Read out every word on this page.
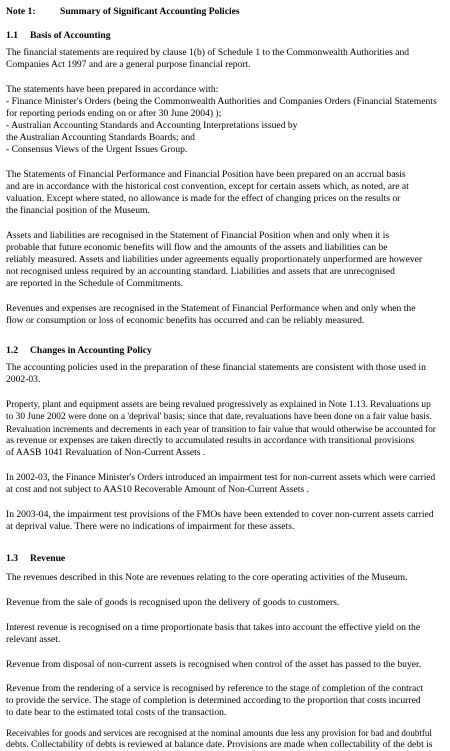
Note 1:	Summary of Significant Accounting Policies
1.1 Basis of Accounting
The financial statements are required by clause 1(b) of Schedule 1 to the Commonwealth Authorities and
Companies Act 1997 and are a general purpose financial report.
The statements have been prepared in accordance with:
- Finance Minister's Orders (being the Commonwealth Authorities and Companies Orders (Financial Statements
for reporting periods ending on or after 30 June 2004) );
- Australian Accounting Standards and Accounting Interpretations issued by
the Australian Accounting Standards Boards; and
- Consensus Views of the Urgent Issues Group.
The Statements of Financial Performance and Financial Position have been prepared on an accrual basis
and are in accordance with the historical cost convention, except for certain assets which, as noted, are at
valuation. Except where stated, no allowance is made for the effect of changing prices on the results or
the financial position of the Museum.
Assets and liabilities are recognised in the Statement of Financial Position when and only when it is
probable that future economic benefits will flow and the amounts of the assets and liabilities can be
reliably measured. Assets and liabilities under agreements equally proportionately unperformed are however
not recognised unless required by an accounting standard. Liabilities and assets that are unrecognised
are reported in the Schedule of Commitments.
Revenues and expenses are recognised in the Statement of Financial Performance when and only when the
flow or consumption or loss of economic benefits has occurred and can be reliably measured.
1.2 Changes in Accounting Policy
The accounting policies used in the preparation of these financial statements are consistent with those used in
2002-03.
Property, plant and equipment assets are being revalued progressively as explained in Note 1.13. Revaluations up
to 30 June 2002 were done on a 'deprival' basis; since that date, revaluations have been done on a fair value basis.
Revaluation increments and decrements in each year of transition to fair value that would otherwise be accounted for
as revenue or expenses are taken directly to accumulated results in accordance with transitional provisions
of AASB 1041 Revaluation of Non-Current Assets .
In 2002-03, the Finance Minister's Orders introduced an impairment test for non-current assets which were carried
at cost and not subject to AAS10 Recoverable Amount of Non-Current Assets .
In 2003-04, the impairment test provisions of the FMOs have been extended to cover non-current assets carried
at deprival value. There were no indications of impairment for these assets.
1.3 Revenue
The revenues described in this Note are revenues relating to the core operating activities of the Museum.
Revenue from the sale of goods is recognised upon the delivery of goods to customers.
Interest revenue is recognised on a time proportionate basis that takes into account the effective yield on the
relevant asset.
Revenue from disposal of non-current assets is recognised when control of the asset has passed to the buyer.
Revenue from the rendering of a service is recognised by reference to the stage of completion of the contract
to provide the service. The stage of completion is determined according to the proportion that costs incurred
to date bear to the estimated total costs of the transaction.
Receivables for goods and services are recognised at the nominal amounts due less any provision for bad and doubtful
debts. Collectability of debts is reviewed at balance date. Provisions are made when collectability of the debt is
